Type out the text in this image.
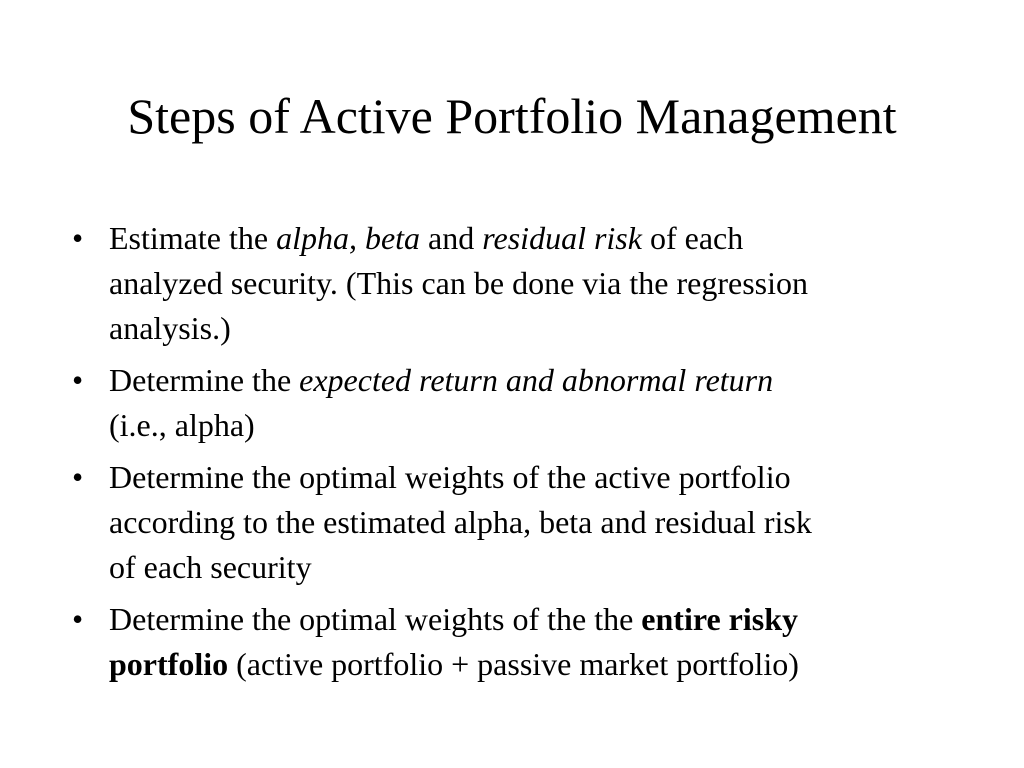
Steps of Active Portfolio Management
• Estimate the alpha, beta and residual risk of each
analyzed security. (This can be done via the regression
analysis.)
• Determine the expected return and abnormal return
(i.e., alpha)
• Determine the optimal weights of the active portfolio
according to the estimated alpha, beta and residual risk
of each security
• Determine the optimal weights of the the entire risky
portfolio (active portfolio + passive market portfolio)
